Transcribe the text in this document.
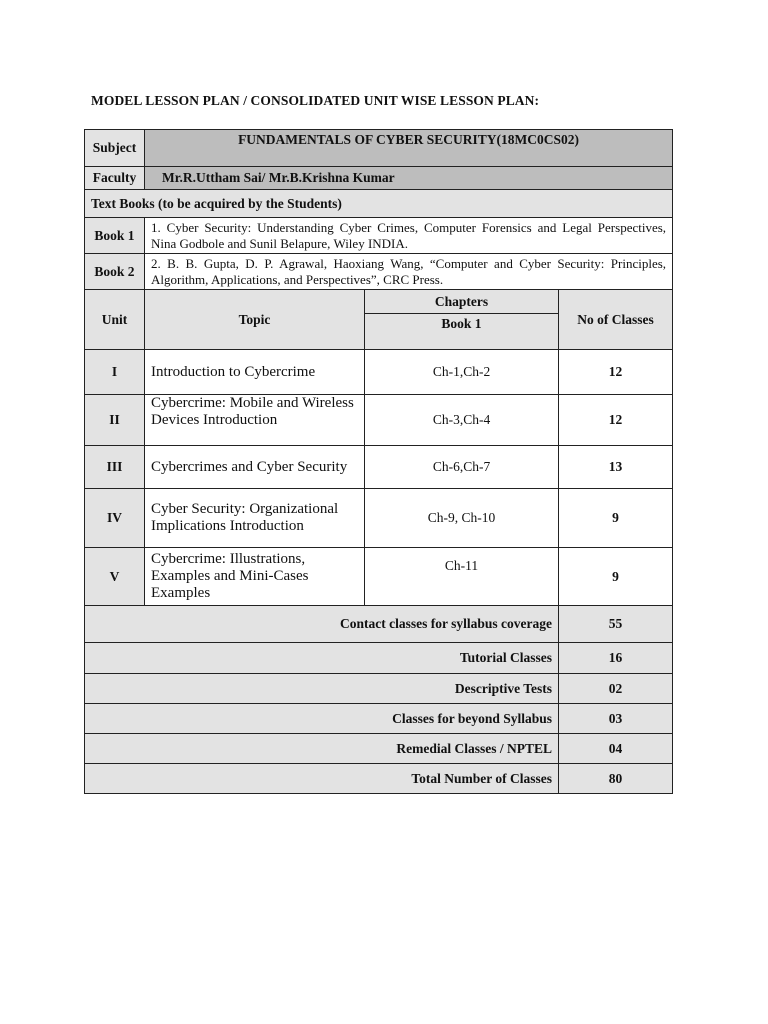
MODEL LESSON PLAN / CONSOLIDATED UNIT WISE LESSON PLAN:
Subject	FUNDAMENTALS OF CYBER SECURITY(18MC0CS02)		
Faculty	Mr.R.Uttham Sai/ Mr.B.Krishna Kumar		
Text Books (to be acquired by the Students)			
Book 1	1. Cyber Security: Understanding Cyber Crimes, Computer Forensics and Legal Perspectives, Nina Godbole and Sunil Belapure, Wiley INDIA.		
Book 2	2. B. B. Gupta, D. P. Agrawal, Haoxiang Wang, “Computer and Cyber Security: Principles, Algorithm, Applications, and Perspectives”, CRC Press.		
Unit	Topic	Chapters	No of Classes
		Book 1	
I	Introduction to Cybercrime	Ch-1,Ch-2	12
II	Cybercrime: Mobile and Wireless Devices Introduction	Ch-3,Ch-4	12
III	Cybercrimes and Cyber Security	Ch-6,Ch-7	13
IV	Cyber Security: Organizational Implications Introduction	Ch-9, Ch-10	9
V	Cybercrime: Illustrations, Examples and Mini-Cases Examples	Ch-11	9
Contact classes for syllabus coverage			55
Tutorial Classes			16
Descriptive Tests			02
Classes for beyond Syllabus			03
Remedial Classes / NPTEL			04
Total Number of Classes			80
